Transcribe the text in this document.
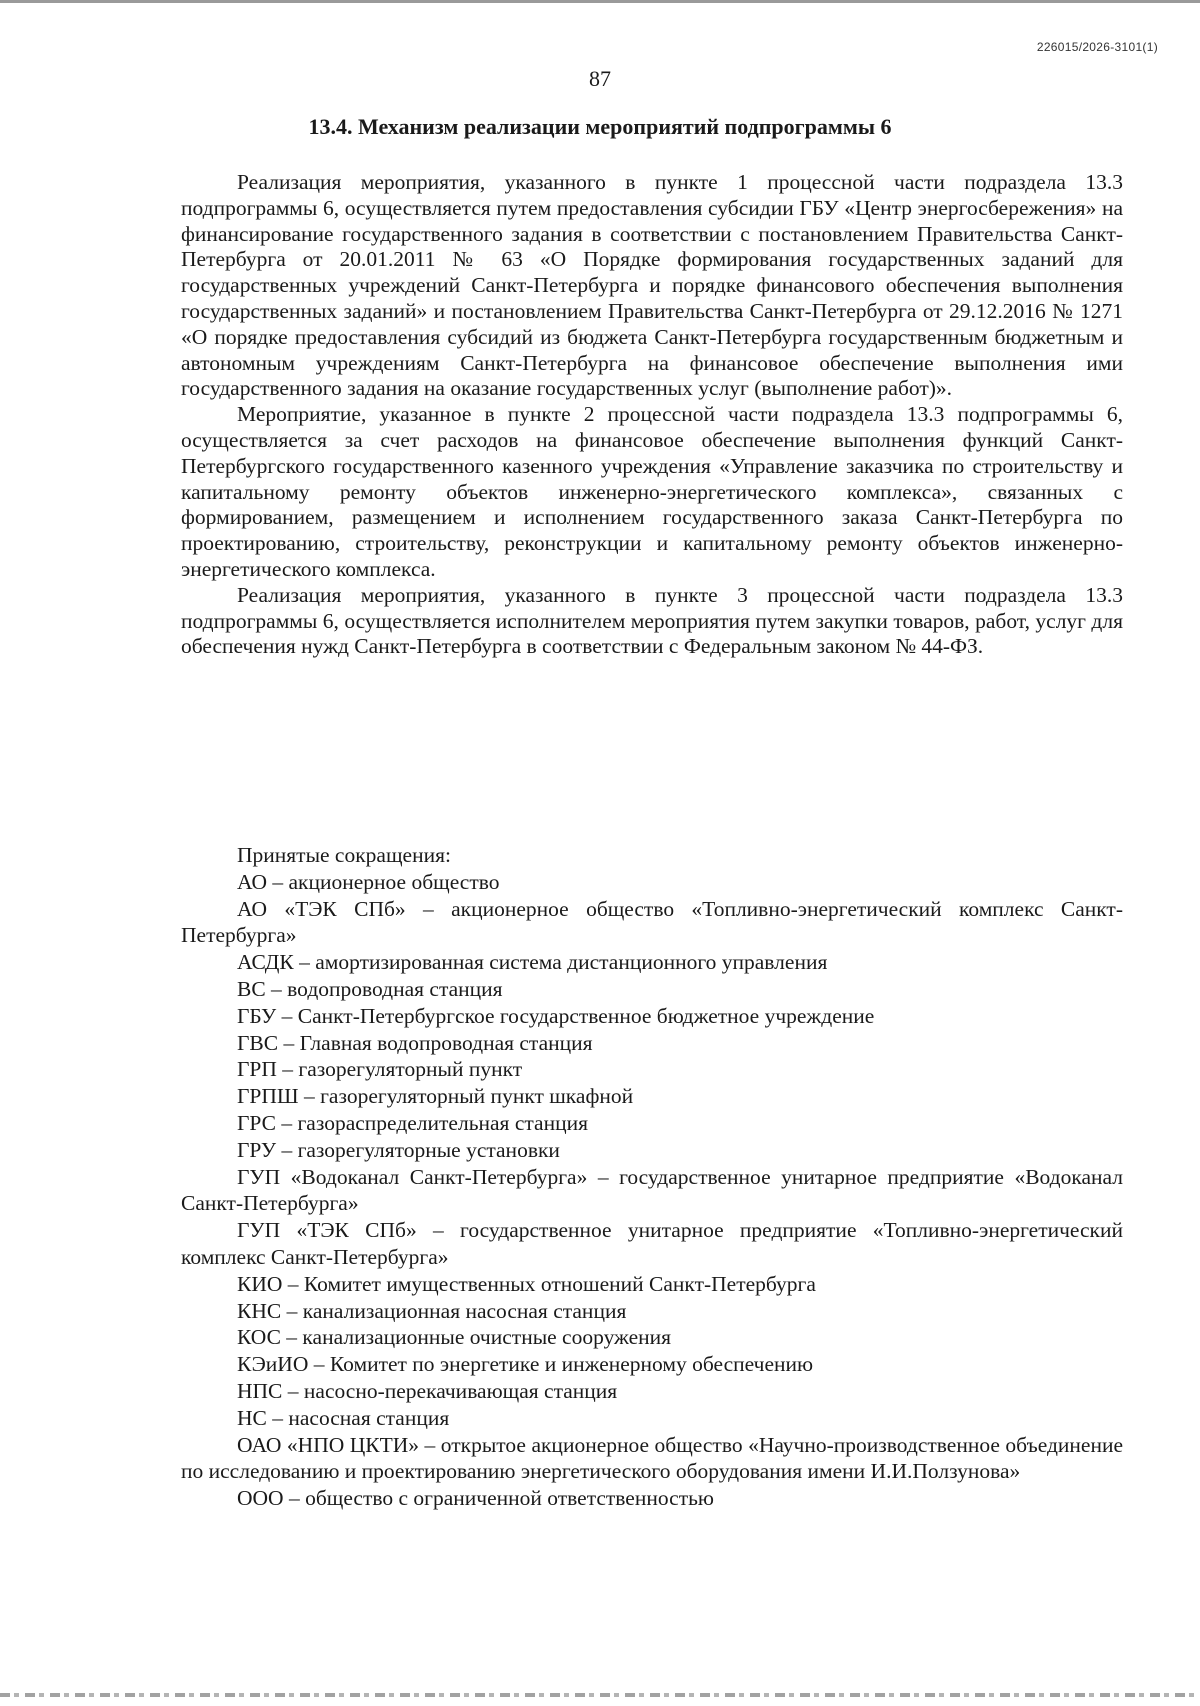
226015/2026-3101(1)
87
13.4. Механизм реализации мероприятий подпрограммы 6

Реализация мероприятия, указанного в пункте 1 процессной части подраздела 13.3 подпрограммы 6, осуществляется путем предоставления субсидии ГБУ «Центр энергосбережения» на финансирование государственного задания в соответствии с постановлением Правительства Санкт-Петербурга от 20.01.2011 № 63 «О Порядке формирования государственных заданий для государственных учреждений Санкт-Петербурга и порядке финансового обеспечения выполнения государственных заданий» и постановлением Правительства Санкт-Петербурга от 29.12.2016 № 1271 «О порядке предоставления субсидий из бюджета Санкт-Петербурга государственным бюджетным и автономным учреждениям Санкт-Петербурга на финансовое обеспечение выполнения ими государственного задания на оказание государственных услуг (выполнение работ)».

Мероприятие, указанное в пункте 2 процессной части подраздела 13.3 подпрограммы 6, осуществляется за счет расходов на финансовое обеспечение выполнения функций Санкт-Петербургского государственного казенного учреждения «Управление заказчика по строительству и капитальному ремонту объектов инженерно-энергетического комплекса», связанных с формированием, размещением и исполнением государственного заказа Санкт-Петербурга по проектированию, строительству, реконструкции и капитальному ремонту объектов инженерно-энергетического комплекса.

Реализация мероприятия, указанного в пункте 3 процессной части подраздела 13.3 подпрограммы 6, осуществляется исполнителем мероприятия путем закупки товаров, работ, услуг для обеспечения нужд Санкт-Петербурга в соответствии с Федеральным законом № 44-ФЗ.

Принятые сокращения:

АО – акционерное общество

АО «ТЭК СПб» – акционерное общество «Топливно-энергетический комплекс Санкт-Петербурга»

АСДК – амортизированная система дистанционного управления

ВС – водопроводная станция

ГБУ – Санкт-Петербургское государственное бюджетное учреждение

ГВС – Главная водопроводная станция

ГРП – газорегуляторный пункт

ГРПШ – газорегуляторный пункт шкафной

ГРС – газораспределительная станция

ГРУ – газорегуляторные установки

ГУП «Водоканал Санкт-Петербурга» – государственное унитарное предприятие «Водоканал Санкт-Петербурга»

ГУП «ТЭК СПб» – государственное унитарное предприятие «Топливно-энергетический комплекс Санкт-Петербурга»

КИО – Комитет имущественных отношений Санкт-Петербурга

КНС – канализационная насосная станция

КОС – канализационные очистные сооружения

КЭиИО – Комитет по энергетике и инженерному обеспечению

НПС – насосно-перекачивающая станция

НС – насосная станция

ОАО «НПО ЦКТИ» – открытое акционерное общество «Научно-производственное объединение по исследованию и проектированию энергетического оборудования имени И.И.Ползунова»

ООО – общество с ограниченной ответственностью
